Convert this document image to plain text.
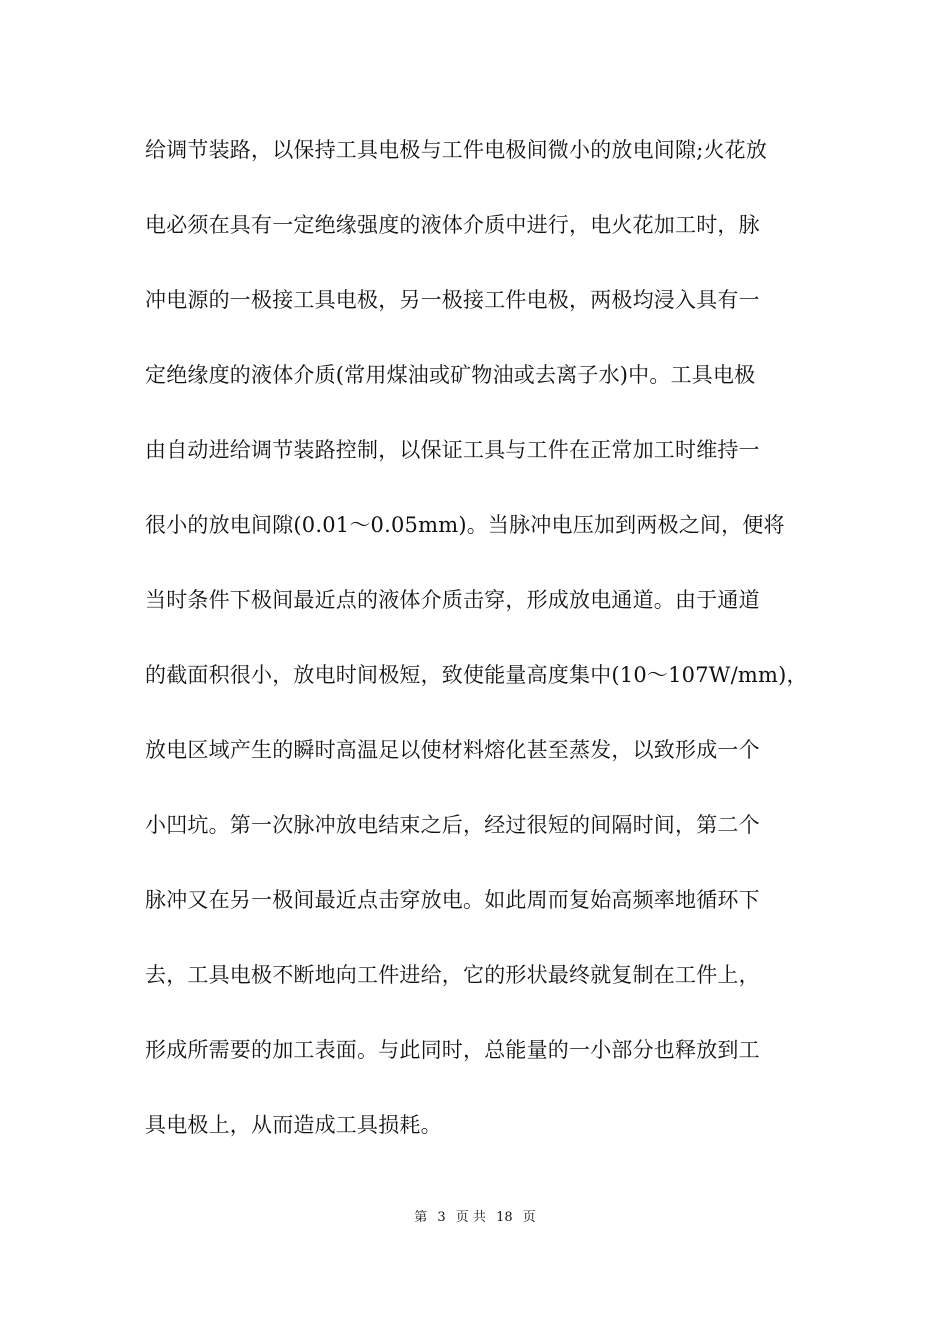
给调节装路，以保持工具电极与工件电极间微小的放电间隙;火花放
电必须在具有一定绝缘强度的液体介质中进行，电火花加工时，脉
冲电源的一极接工具电极，另一极接工件电极，两极均浸入具有一
定绝缘度的液体介质(常用煤油或矿物油或去离子水)中。工具电极
由自动进给调节装路控制，以保证工具与工件在正常加工时维持一
很小的放电间隙(0.01～0.05mm)。当脉冲电压加到两极之间，便将
当时条件下极间最近点的液体介质击穿，形成放电通道。由于通道
的截面积很小，放电时间极短，致使能量高度集中(10～107W/mm)，
放电区域产生的瞬时高温足以使材料熔化甚至蒸发，以致形成一个
小凹坑。第一次脉冲放电结束之后，经过很短的间隔时间，第二个
脉冲又在另一极间最近点击穿放电。如此周而复始高频率地循环下
去，工具电极不断地向工件进给，它的形状最终就复制在工件上，
形成所需要的加工表面。与此同时，总能量的一小部分也释放到工
具电极上，从而造成工具损耗。
第 3 页 共 18 页
